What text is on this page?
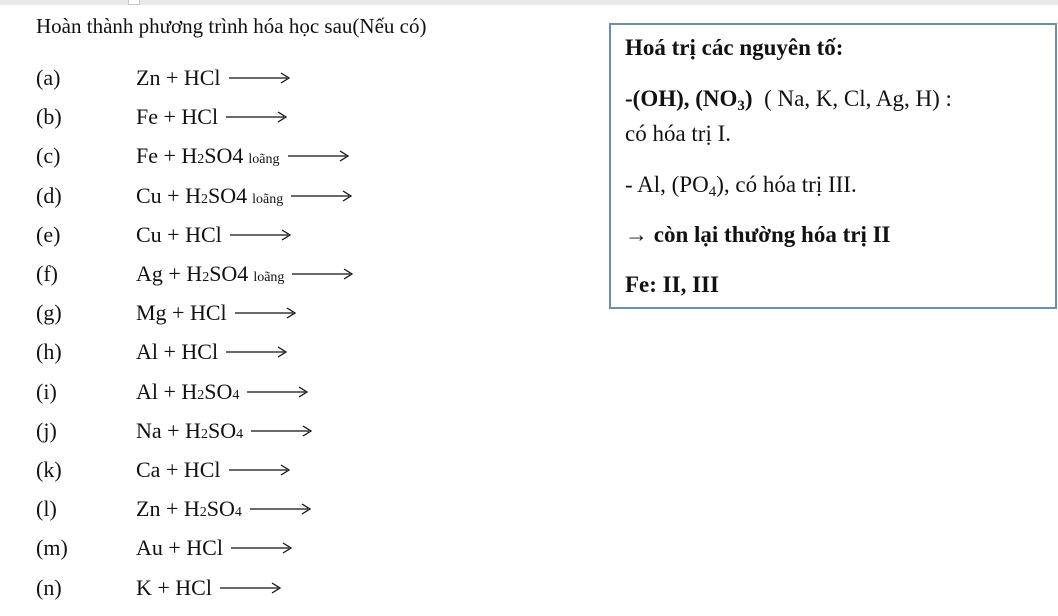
Hoàn thành phương trình hóa học sau(Nếu có)
(a)	Zn + HCl →
(b)	Fe + HCl →
(c)	Fe + H 2 SO4 loãng →
(d)	Cu + H 2 SO4 loãng →
(e)	Cu + HCl →
(f)	Ag + H 2 SO4 loãng →
(g)	Mg + HCl →
(h)	Al + HCl →
(i)	Al + H 2 SO 4 →
(j)	Na + H 2 SO 4 →
(k)	Ca + HCl →
(l)	Zn + H 2 SO 4 →
(m)	Au + HCl →
(n)	K + HCl →
Hoá trị các nguyên tố:
-(OH), $(NO_3)$  ( Na, K, Cl, Ag, H) :
có hóa trị I.
- Al, $(PO_4)$, có hóa trị III.
→ còn lại thường hóa trị II
Fe: II, III
